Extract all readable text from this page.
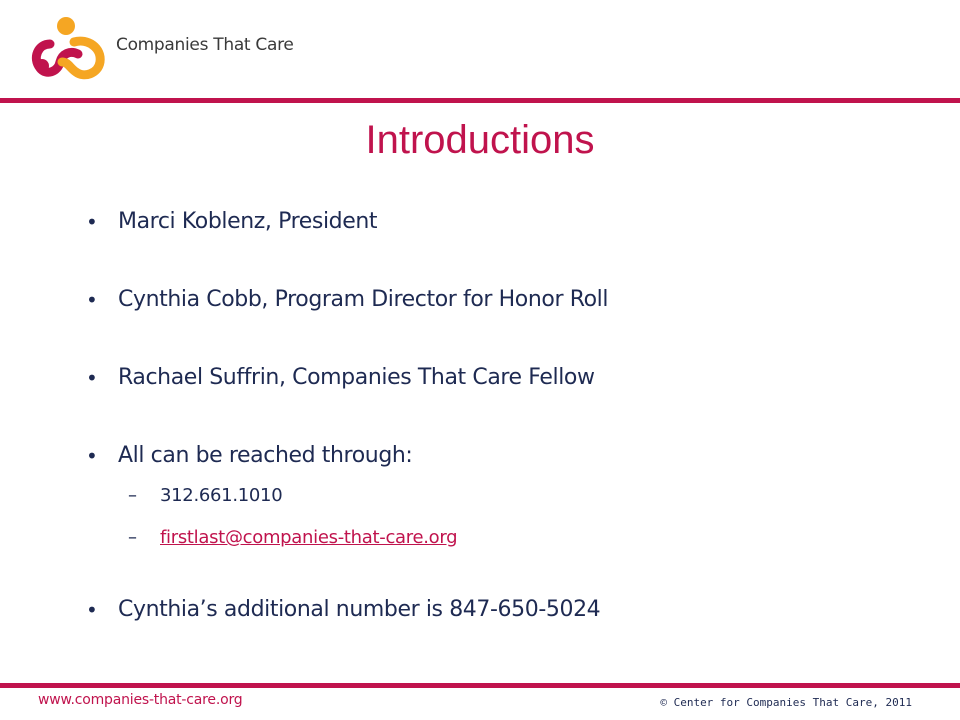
Companies That Care
Introductions
• Marci Koblenz, President
• Cynthia Cobb, Program Director for Honor Roll
• Rachael Suffrin, Companies That Care Fellow
• All can be reached through:
– 312.661.1010
– firstlast@companies-that-care.org
• Cynthia’s additional number is 847-650-5024
www.companies-that-care.org	© Center for Companies That Care, 2011
